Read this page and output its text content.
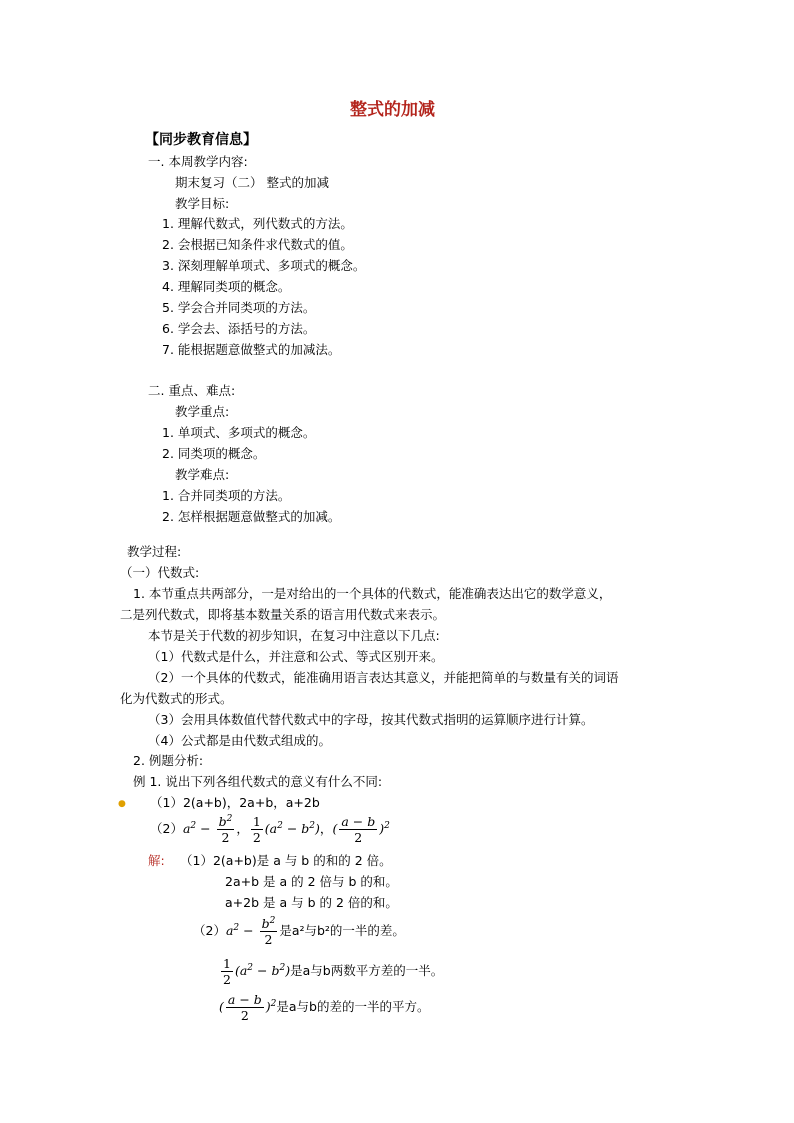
整式的加减
【同步教育信息】
一. 本周教学内容:
期末复习（二） 整式的加减
教学目标:
1. 理解代数式，列代数式的方法。
2. 会根据已知条件求代数式的值。
3. 深刻理解单项式、多项式的概念。
4. 理解同类项的概念。
5. 学会合并同类项的方法。
6. 学会去、添括号的方法。
7. 能根据题意做整式的加减法。
二. 重点、难点:
教学重点:
1. 单项式、多项式的概念。
2. 同类项的概念。
教学难点:
1. 合并同类项的方法。
2. 怎样根据题意做整式的加减。
教学过程:
（一）代数式:
1. 本节重点共两部分，一是对给出的一个具体的代数式，能准确表达出它的数学意义，
二是列代数式，即将基本数量关系的语言用代数式来表示。
本节是关于代数的初步知识，在复习中注意以下几点:
（1）代数式是什么，并注意和公式、等式区别开来。
（2）一个具体的代数式，能准确用语言表达其意义，并能把简单的与数量有关的词语
化为代数式的形式。
（3）会用具体数值代替代数式中的字母，按其代数式指明的运算顺序进行计算。
（4）公式都是由代数式组成的。
2. 例题分析:
例 1. 说出下列各组代数式的意义有什么不同:
● （1）2(a+b)，2a+b，a+2b
（2） $a^2 - \frac{b^2}{2}$ ， $\frac{1}{2} (a^2 - b^2)$ ， ( $\frac{a - b}{2} )^2$
解: （1）2(a+b)是 a 与 b 的和的 2 倍。
2a+b 是 a 的 2 倍与 b 的和。
a+2b 是 a 与 b 的 2 倍的和。
（2） $a^2 - \frac{b^2}{2}$ 是a²与b²的一半的差。
$\frac{1}{2} (a^2 - b^2)$ 是a与b两数平方差的一半。
( $\frac{a - b}{2} )^2$ 是a与b的差的一半的平方。
